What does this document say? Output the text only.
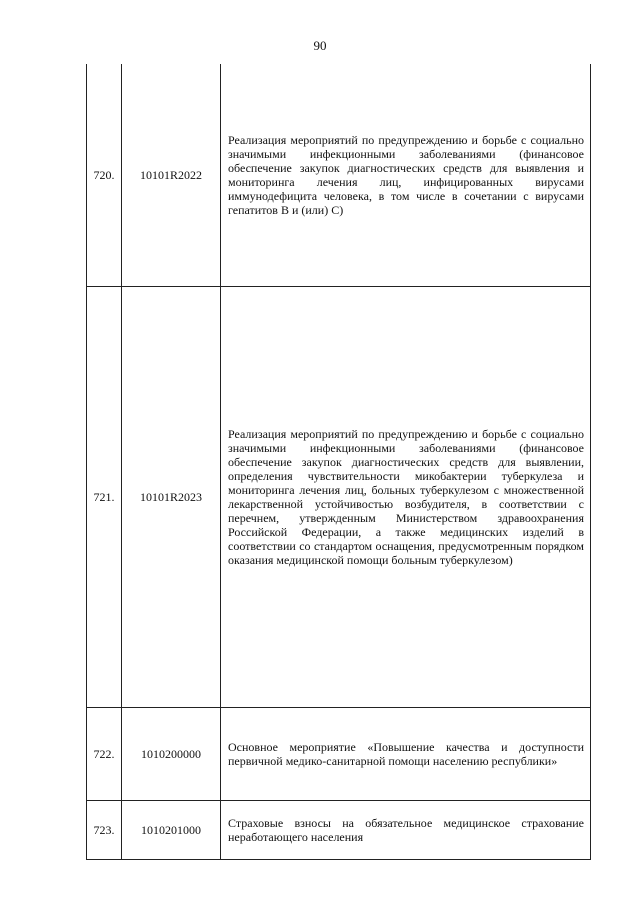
90
720.	10101R2022	Реализация мероприятий по предупреждению и борьбе с социально значимыми инфекционными заболеваниями (финансовое обеспечение закупок диагностических средств для выявления и мониторинга лечения лиц, инфицированных вирусами иммунодефицита человека, в том числе в сочетании с вирусами гепатитов В и (или) С)

721.	10101R2023	Реализация мероприятий по предупреждению и борьбе с социально значимыми инфекционными заболеваниями (финансовое обеспечение закупок диагностических средств для выявлении, определения чувствительности микобактерии туберкулеза и мониторинга лечения лиц, больных туберкулезом с множественной лекарственной устойчивостью возбудителя, в соответствии с перечнем, утвержденным Министерством здравоохранения Российской Федерации, а также медицинских изделий в соответствии со стандартом оснащения, предусмотренным порядком оказания медицинской помощи больным туберкулезом)

722.	1010200000	Основное мероприятие «Повышение качества и доступности первичной медико-санитарной помощи населению республики»

723.	1010201000	Страховые взносы на обязательное медицинское страхование неработающего населения
